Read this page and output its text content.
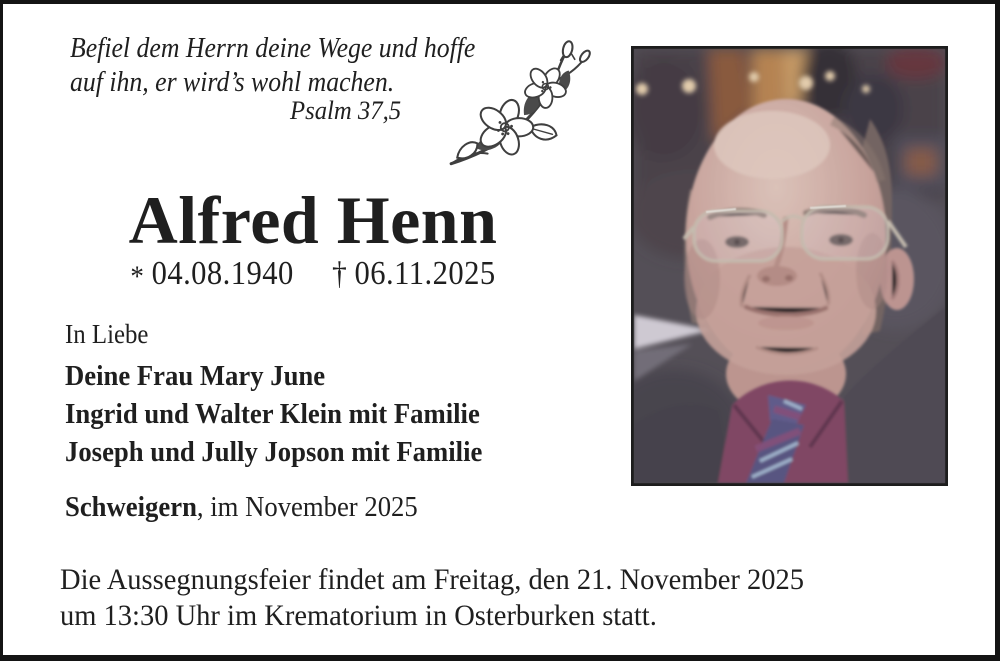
Befiel dem Herrn deine Wege und hoffe
auf ihn, er wird’s wohl machen.
Psalm 37,5
Alfred Henn
* 04.08.1940 † 06.11.2025
In Liebe
Deine Frau Mary June
Ingrid und Walter Klein mit Familie
Joseph und Jully Jopson mit Familie
Schweigern, im November 2025
Die Aussegnungsfeier findet am Freitag, den 21. November 2025
um 13:30 Uhr im Krematorium in Osterburken statt.
